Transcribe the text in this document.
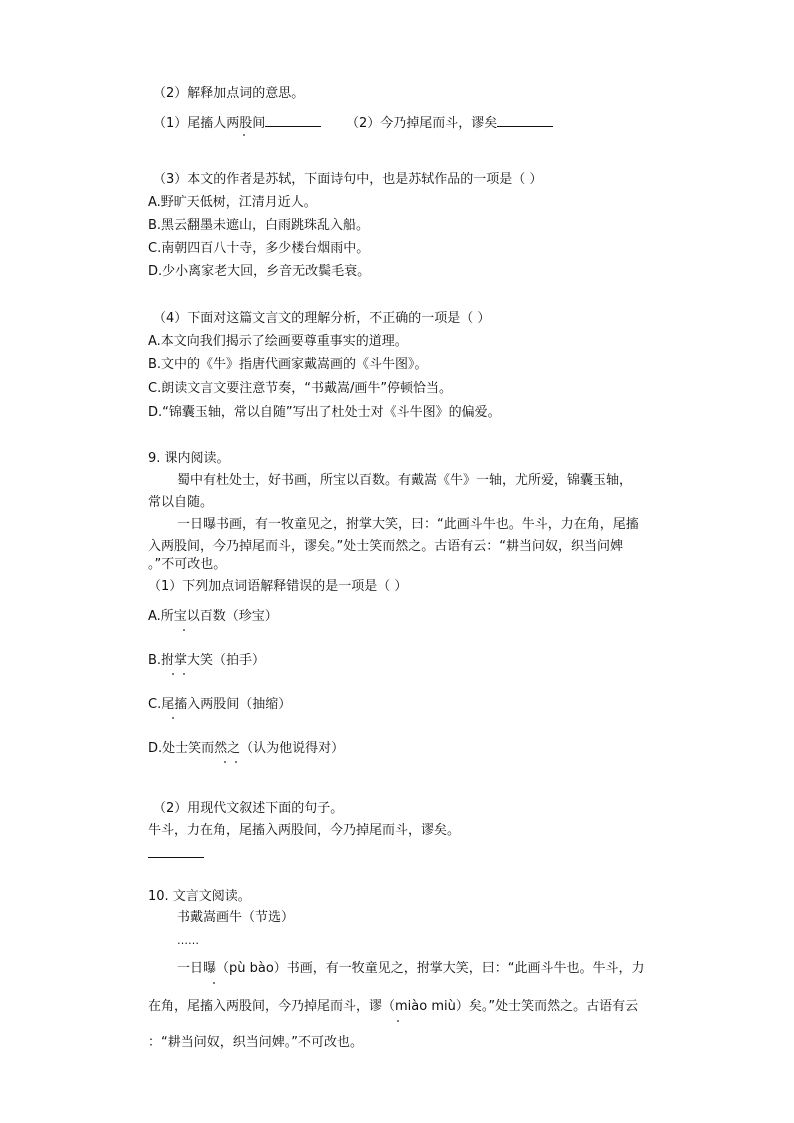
（2）解释加点词的意思。
（1）尾搐人两股间	（2）今乃掉尾而斗，谬矣
（3）本文的作者是苏轼，下面诗句中，也是苏轼作品的一项是（ ）
A.野旷天低树，江清月近人。
B.黑云翻墨未遮山，白雨跳珠乱入船。
C.南朝四百八十寺，多少楼台烟雨中。
D.少小离家老大回，乡音无改鬓毛衰。
（4）下面对这篇文言文的理解分析，不正确的一项是（ ）
A.本文向我们揭示了绘画要尊重事实的道理。
B.文中的《牛》指唐代画家戴嵩画的《斗牛图》。
C.朗读文言文要注意节奏，“书戴嵩/画牛”停顿恰当。
D.“锦囊玉轴，常以自随”写出了杜处士对《斗牛图》的偏爱。
9. 课内阅读。
蜀中有杜处士，好书画，所宝以百数。有戴嵩《牛》一轴，尤所爱，锦囊玉轴，
常以自随。
一日曝书画，有一牧童见之，拊掌大笑，曰：“此画斗牛也。牛斗，力在角，尾搐
入两股间，今乃掉尾而斗，谬矣。”处士笑而然之。古语有云：“耕当问奴，织当问婢
。”不可改也。
（1）下列加点词语解释错误的是一项是（ ）
A.所宝以百数（珍宝）
B.拊掌大笑（拍手）
C.尾搐入两股间（抽缩）
D.处士笑而然之（认为他说得对）
（2）用现代文叙述下面的句子。
牛斗，力在角，尾搐入两股间，今乃掉尾而斗，谬矣。
10. 文言文阅读。
书戴嵩画牛（节选）
……
一日曝（pù bào）书画，有一牧童见之，拊掌大笑，曰：“此画斗牛也。牛斗，力
在角，尾搐入两股间，今乃掉尾而斗，谬（miào miù）矣。”处士笑而然之。古语有云
：“耕当问奴，织当问婢。”不可改也。
